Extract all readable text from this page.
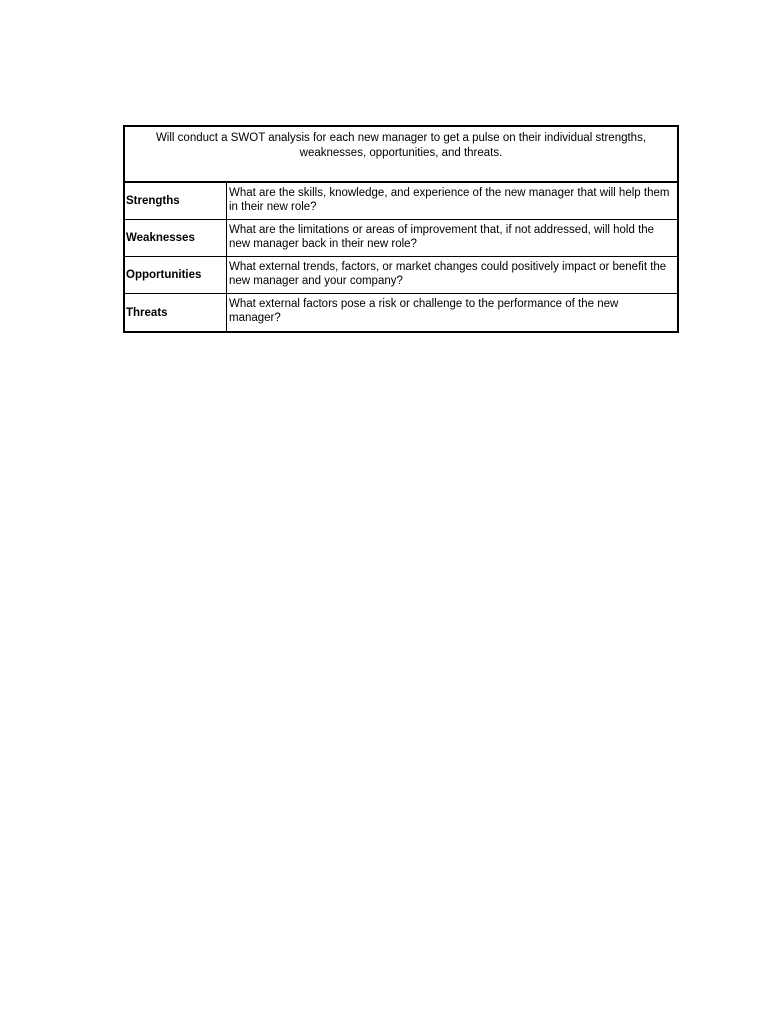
Will conduct a SWOT analysis for each new manager to get a pulse on their individual strengths, weaknesses, opportunities, and threats.
Strengths
What are the skills, knowledge, and experience of the new manager that will help them in their new role?
Weaknesses
What are the limitations or areas of improvement that, if not addressed, will hold the new manager back in their new role?
Opportunities
What external trends, factors, or market changes could positively impact or benefit the new manager and your company?
Threats
What external factors pose a risk or challenge to the performance of the new manager?
